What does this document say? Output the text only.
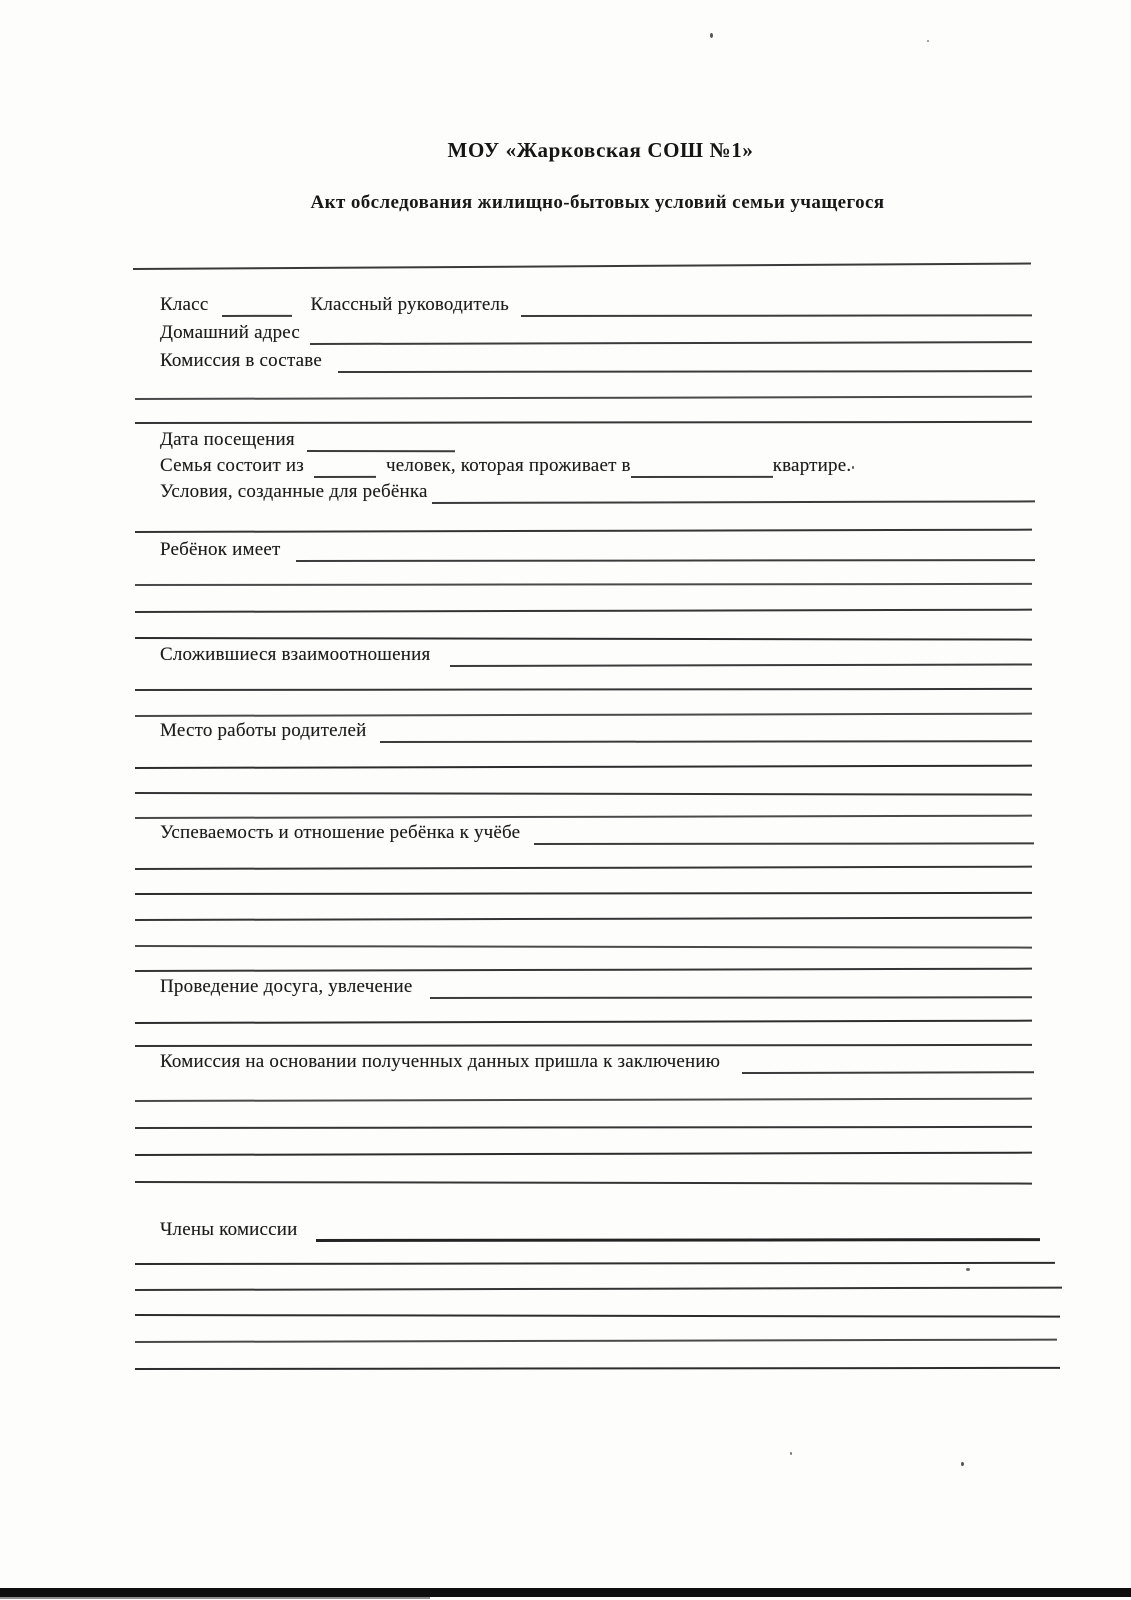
МОУ «Жарковская СОШ №1»
Акт обследования жилищно-бытовых условий семьи учащегося
Класс	Классный руководитель
Домашний адрес
Комиссия в составе
Дата посещения
Семья состоит из	человек, которая проживает в	квартире.
Условия, созданные для ребёнка
Ребёнок имеет
Сложившиеся взаимоотношения
Место работы родителей
Успеваемость и отношение ребёнка к учёбе
Проведение досуга, увлечение
Комиссия на основании полученных данных пришла к заключению
Члены комиссии
